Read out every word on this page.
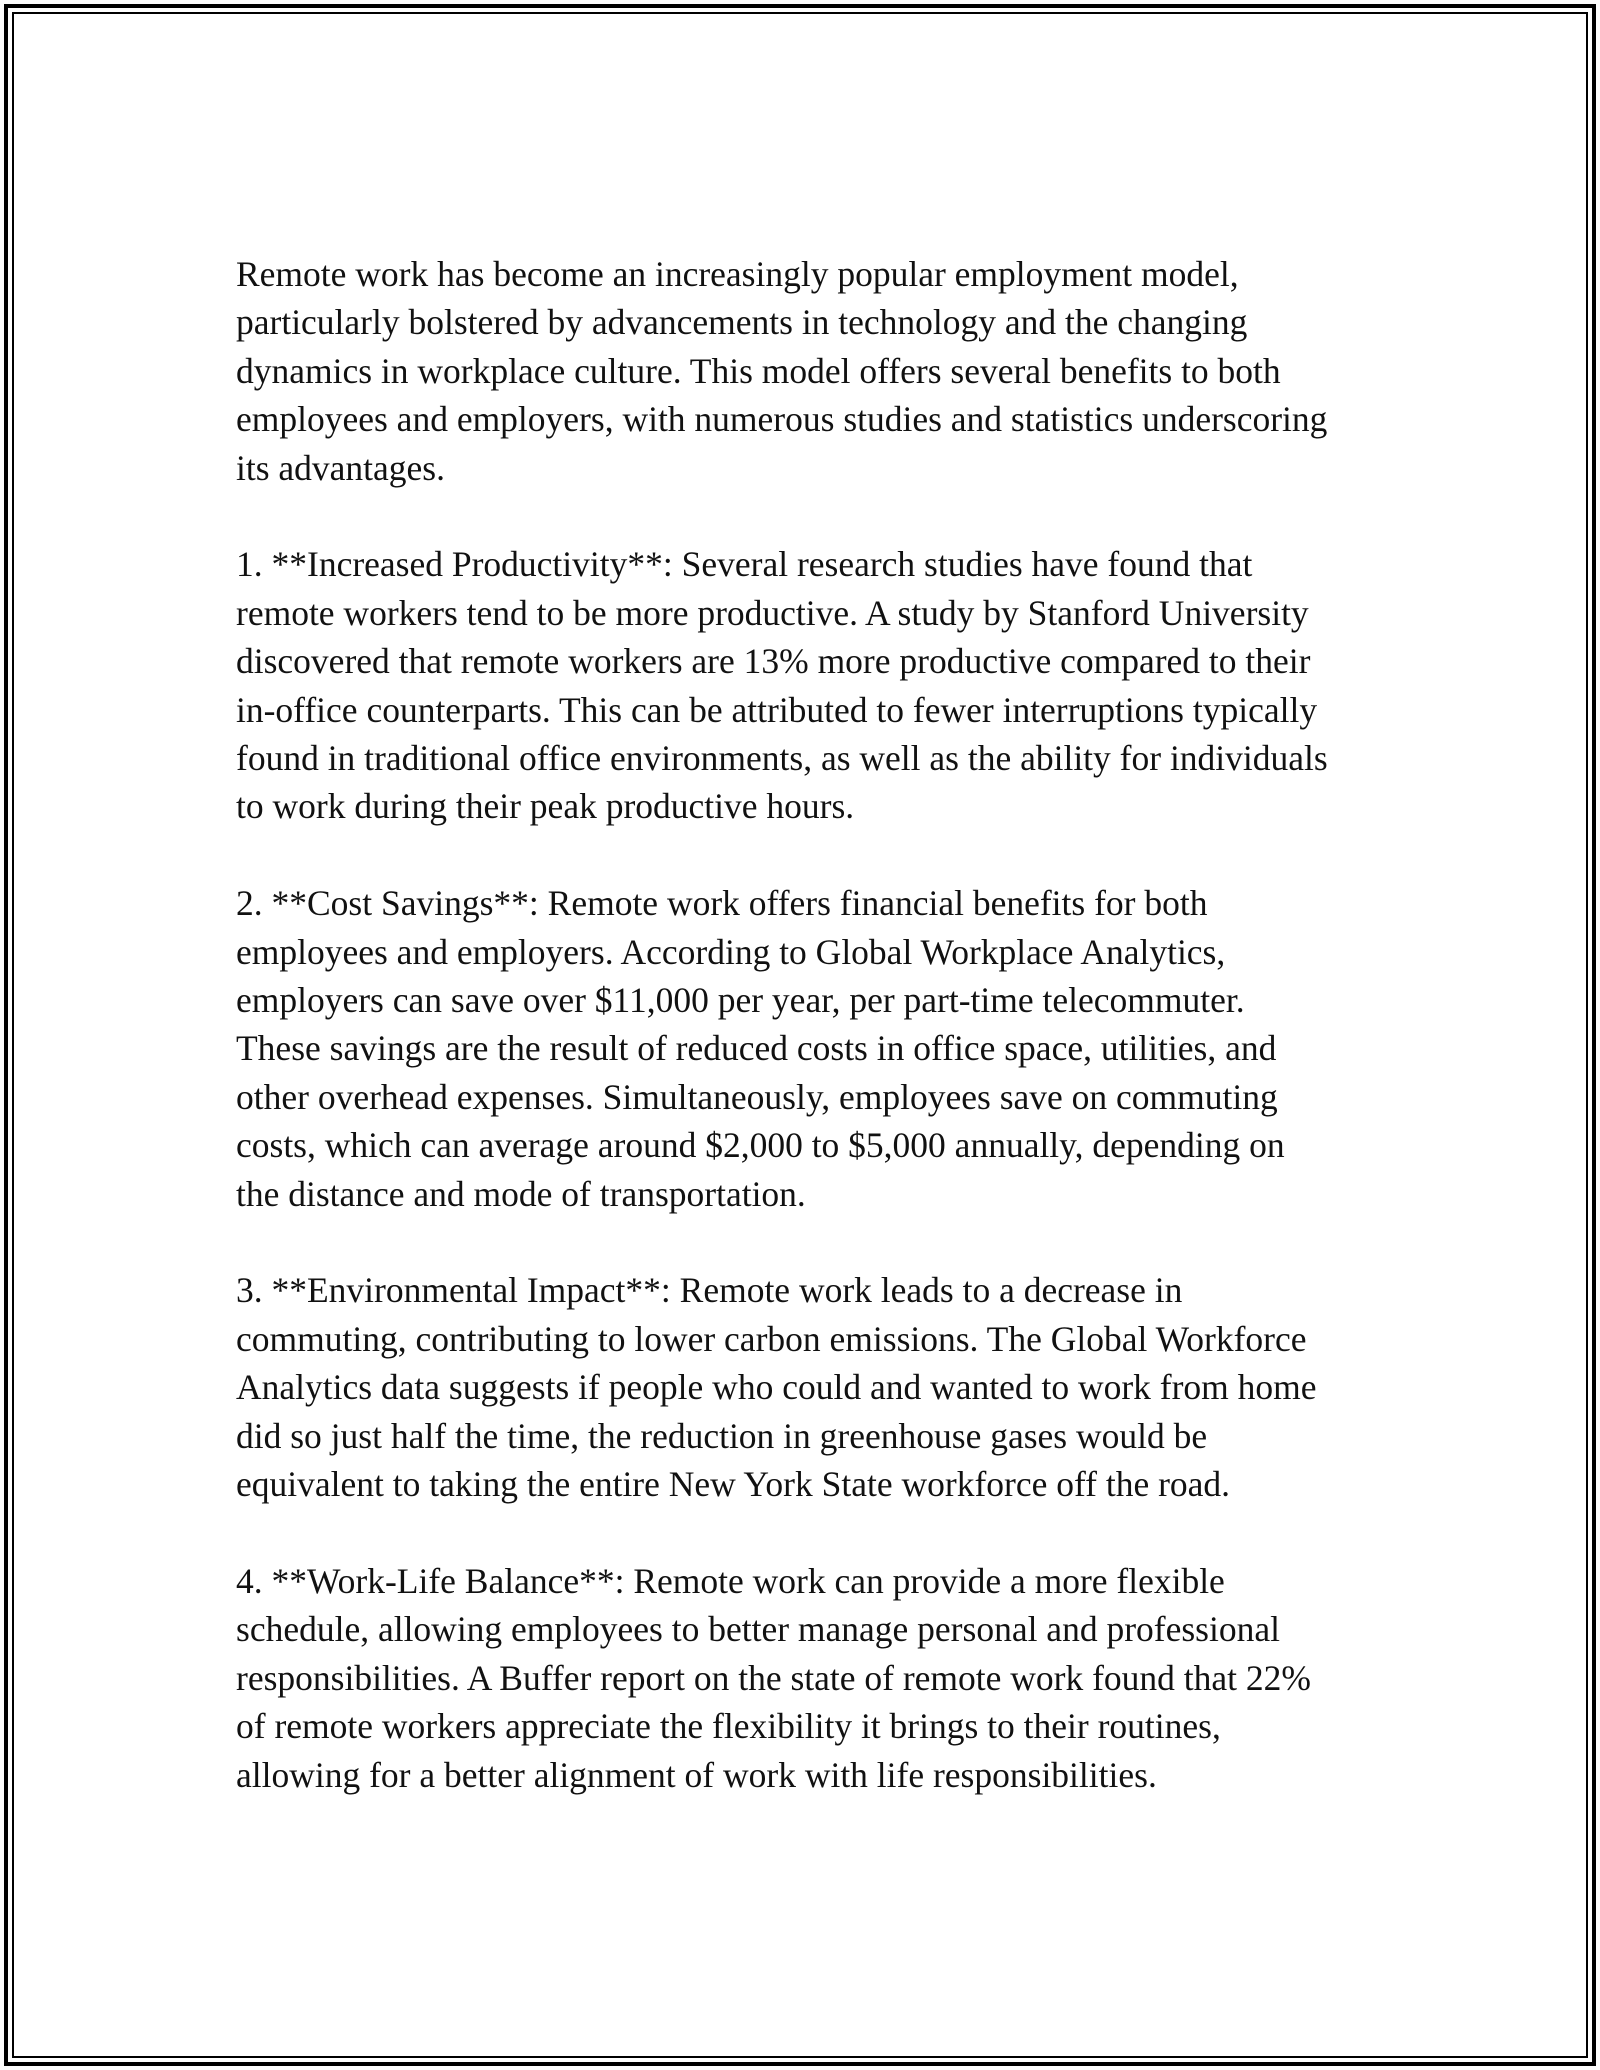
Remote work has become an increasingly popular employment model,
particularly bolstered by advancements in technology and the changing
dynamics in workplace culture. This model offers several benefits to both
employees and employers, with numerous studies and statistics underscoring
its advantages.

1. **Increased Productivity**: Several research studies have found that
remote workers tend to be more productive. A study by Stanford University
discovered that remote workers are 13% more productive compared to their
in-office counterparts. This can be attributed to fewer interruptions typically
found in traditional office environments, as well as the ability for individuals
to work during their peak productive hours.

2. **Cost Savings**: Remote work offers financial benefits for both
employees and employers. According to Global Workplace Analytics,
employers can save over $11,000 per year, per part-time telecommuter.
These savings are the result of reduced costs in office space, utilities, and
other overhead expenses. Simultaneously, employees save on commuting
costs, which can average around $2,000 to $5,000 annually, depending on
the distance and mode of transportation.

3. **Environmental Impact**: Remote work leads to a decrease in
commuting, contributing to lower carbon emissions. The Global Workforce
Analytics data suggests if people who could and wanted to work from home
did so just half the time, the reduction in greenhouse gases would be
equivalent to taking the entire New York State workforce off the road.

4. **Work-Life Balance**: Remote work can provide a more flexible
schedule, allowing employees to better manage personal and professional
responsibilities. A Buffer report on the state of remote work found that 22%
of remote workers appreciate the flexibility it brings to their routines,
allowing for a better alignment of work with life responsibilities.
